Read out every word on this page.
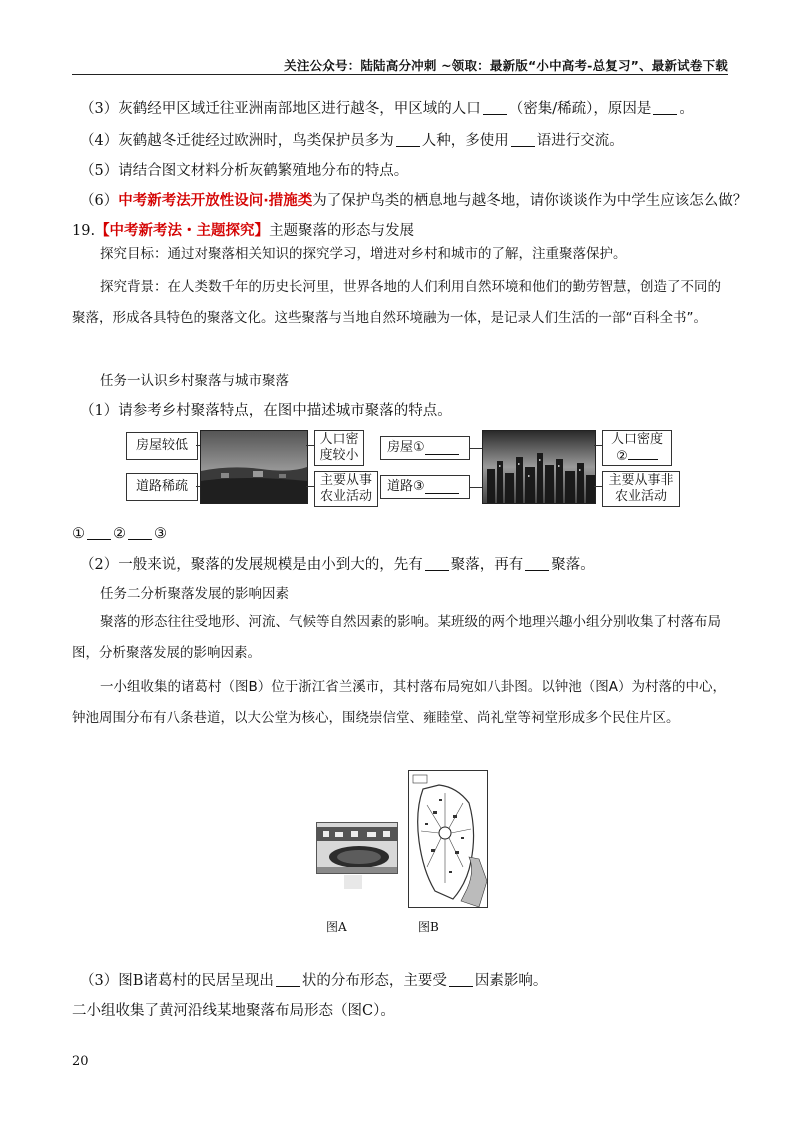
关注公众号：陆陆高分冲刺 ~领取：最新版“小中高考-总复习”、最新试卷下载
（3）灰鹤经甲区域迁往亚洲南部地区进行越冬，甲区域的人口 （密集/稀疏），原因是 。
（4）灰鹤越冬迁徙经过欧洲时，鸟类保护员多为 人种，多使用 语进行交流。
（5）请结合图文材料分析灰鹤繁殖地分布的特点。
（6）中考新考法开放性设问·措施类为了保护鸟类的栖息地与越冬地，请你谈谈作为中学生应该怎么做？
19.【中考新考法・主题探究】主题聚落的形态与发展
探究目标：通过对聚落相关知识的探究学习，增进对乡村和城市的了解，注重聚落保护。
探究背景：在人类数千年的历史长河里，世界各地的人们利用自然环境和他们的勤劳智慧，创造了不同的聚落，形成各具特色的聚落文化。这些聚落与当地自然环境融为一体，是记录人们生活的一部“百科全书”。
任务一认识乡村聚落与城市聚落
（1）请参考乡村聚落特点，在图中描述城市聚落的特点。
房屋较低
道路稀疏
人口密度较小
主要从事农业活动
房屋①
道路③
人口密度
②
主要从事非农业活动
① ② ③
（2）一般来说，聚落的发展规模是由小到大的，先有 聚落，再有 聚落。
任务二分析聚落发展的影响因素
聚落的形态往往受地形、河流、气候等自然因素的影响。某班级的两个地理兴趣小组分别收集了村落布局图，分析聚落发展的影响因素。
一小组收集的诸葛村（图B）位于浙江省兰溪市，其村落布局宛如八卦图。以钟池（图A）为村落的中心，钟池周围分布有八条巷道，以大公堂为核心，围绕崇信堂、雍睦堂、尚礼堂等祠堂形成多个民住片区。
图A	图B
（3）图B诸葛村的民居呈现出 状的分布形态，主要受 因素影响。
二小组收集了黄河沿线某地聚落布局形态（图C）。
20
